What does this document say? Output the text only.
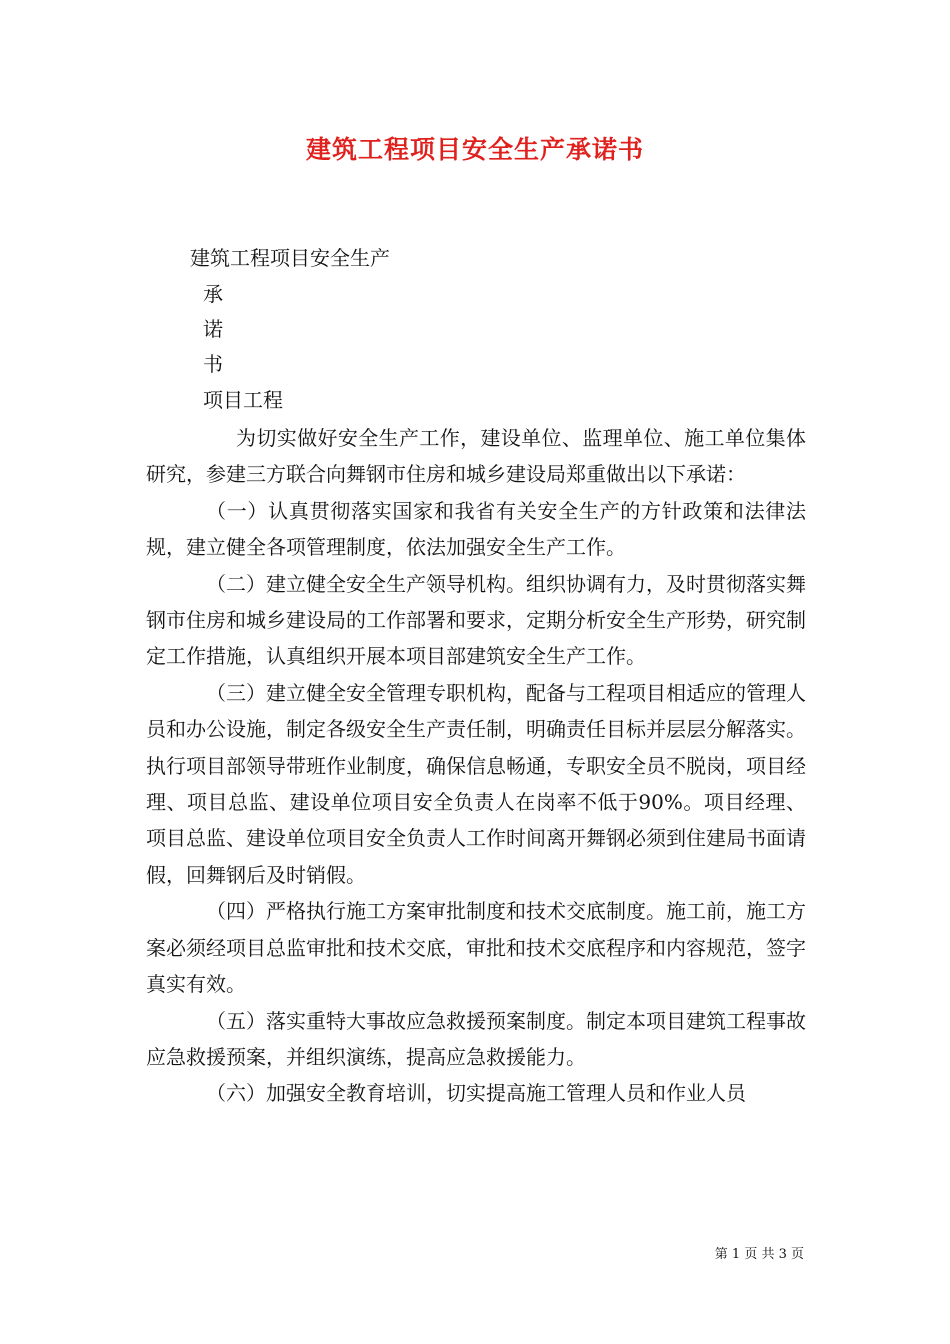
建筑工程项目安全生产承诺书
建筑工程项目安全生产
承
诺
书
项目工程

为切实做好安全生产工作，建设单位、监理单位、施工单位集体研究，参建三方联合向舞钢市住房和城乡建设局郑重做出以下承诺：

（一）认真贯彻落实国家和我省有关安全生产的方针政策和法律法规，建立健全各项管理制度，依法加强安全生产工作。

（二）建立健全安全生产领导机构。组织协调有力，及时贯彻落实舞钢市住房和城乡建设局的工作部署和要求，定期分析安全生产形势，研究制定工作措施，认真组织开展本项目部建筑安全生产工作。

（三）建立健全安全管理专职机构，配备与工程项目相适应的管理人员和办公设施，制定各级安全生产责任制，明确责任目标并层层分解落实。执行项目部领导带班作业制度，确保信息畅通，专职安全员不脱岗，项目经理、项目总监、建设单位项目安全负责人在岗率不低于90%。项目经理、项目总监、建设单位项目安全负责人工作时间离开舞钢必须到住建局书面请假，回舞钢后及时销假。

（四）严格执行施工方案审批制度和技术交底制度。施工前，施工方案必须经项目总监审批和技术交底，审批和技术交底程序和内容规范，签字真实有效。

（五）落实重特大事故应急救援预案制度。制定本项目建筑工程事故应急救援预案，并组织演练，提高应急救援能力。

（六）加强安全教育培训，切实提高施工管理人员和作业人员

第 1 页 共 3 页
